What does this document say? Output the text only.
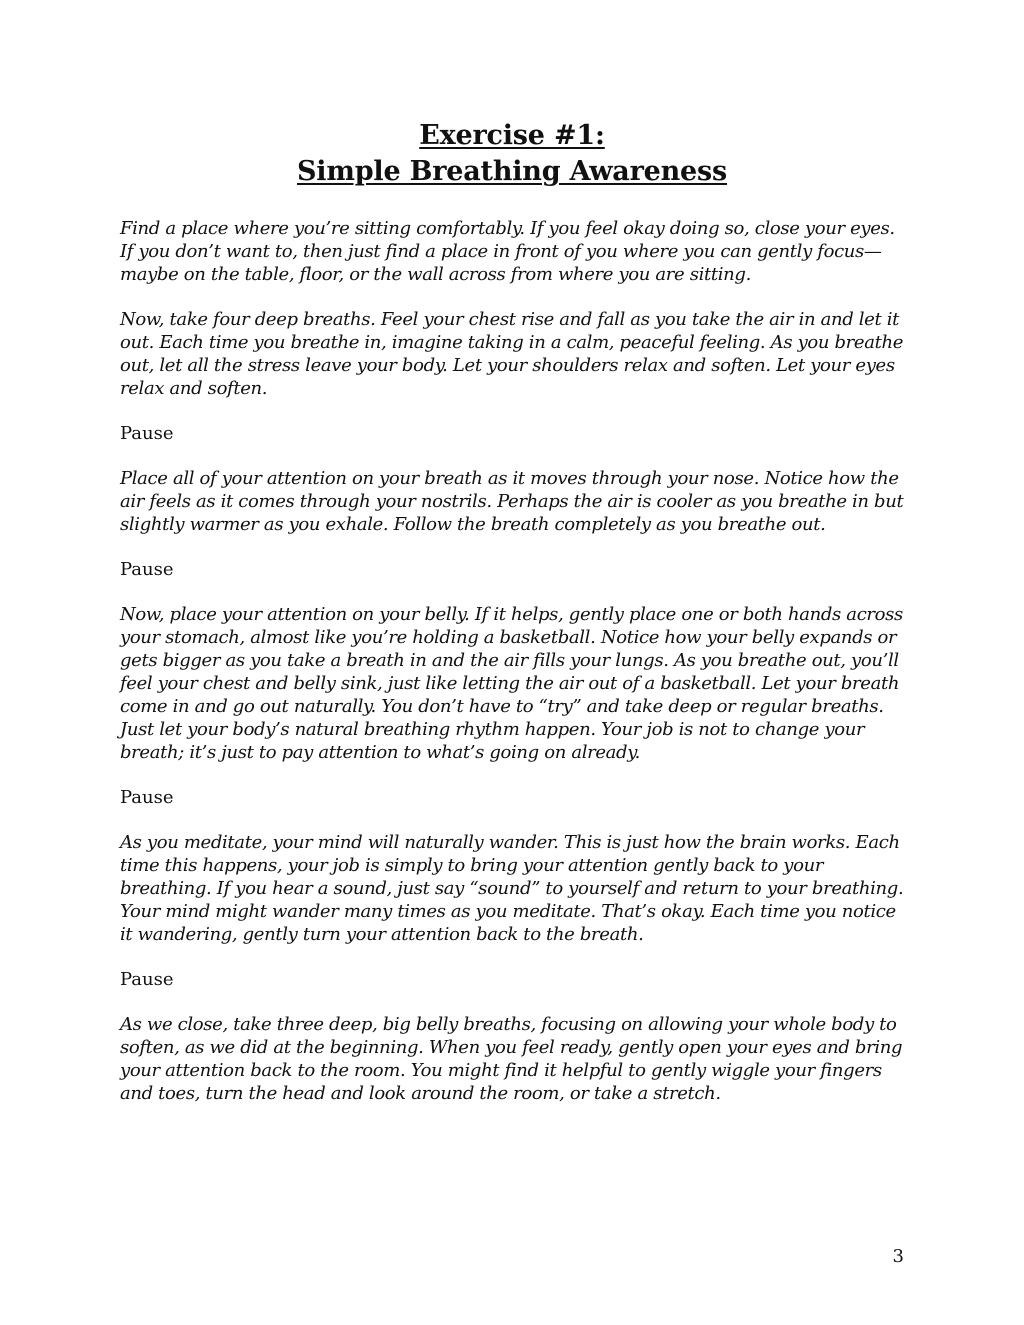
Exercise #1:
Simple Breathing Awareness

Find a place where you’re sitting comfortably. If you feel okay doing so, close your eyes. If you don’t want to, then just find a place in front of you where you can gently focus—maybe on the table, floor, or the wall across from where you are sitting.

Now, take four deep breaths. Feel your chest rise and fall as you take the air in and let it out. Each time you breathe in, imagine taking in a calm, peaceful feeling. As you breathe out, let all the stress leave your body. Let your shoulders relax and soften. Let your eyes relax and soften.

Pause

Place all of your attention on your breath as it moves through your nose. Notice how the air feels as it comes through your nostrils. Perhaps the air is cooler as you breathe in but slightly warmer as you exhale. Follow the breath completely as you breathe out.

Pause

Now, place your attention on your belly. If it helps, gently place one or both hands across your stomach, almost like you’re holding a basketball. Notice how your belly expands or gets bigger as you take a breath in and the air fills your lungs. As you breathe out, you’ll feel your chest and belly sink, just like letting the air out of a basketball. Let your breath come in and go out naturally. You don’t have to “try” and take deep or regular breaths. Just let your body’s natural breathing rhythm happen. Your job is not to change your breath; it’s just to pay attention to what’s going on already.

Pause

As you meditate, your mind will naturally wander. This is just how the brain works. Each time this happens, your job is simply to bring your attention gently back to your breathing. If you hear a sound, just say “sound” to yourself and return to your breathing. Your mind might wander many times as you meditate. That’s okay. Each time you notice it wandering, gently turn your attention back to the breath.

Pause

As we close, take three deep, big belly breaths, focusing on allowing your whole body to soften, as we did at the beginning. When you feel ready, gently open your eyes and bring your attention back to the room. You might find it helpful to gently wiggle your fingers and toes, turn the head and look around the room, or take a stretch.

3
